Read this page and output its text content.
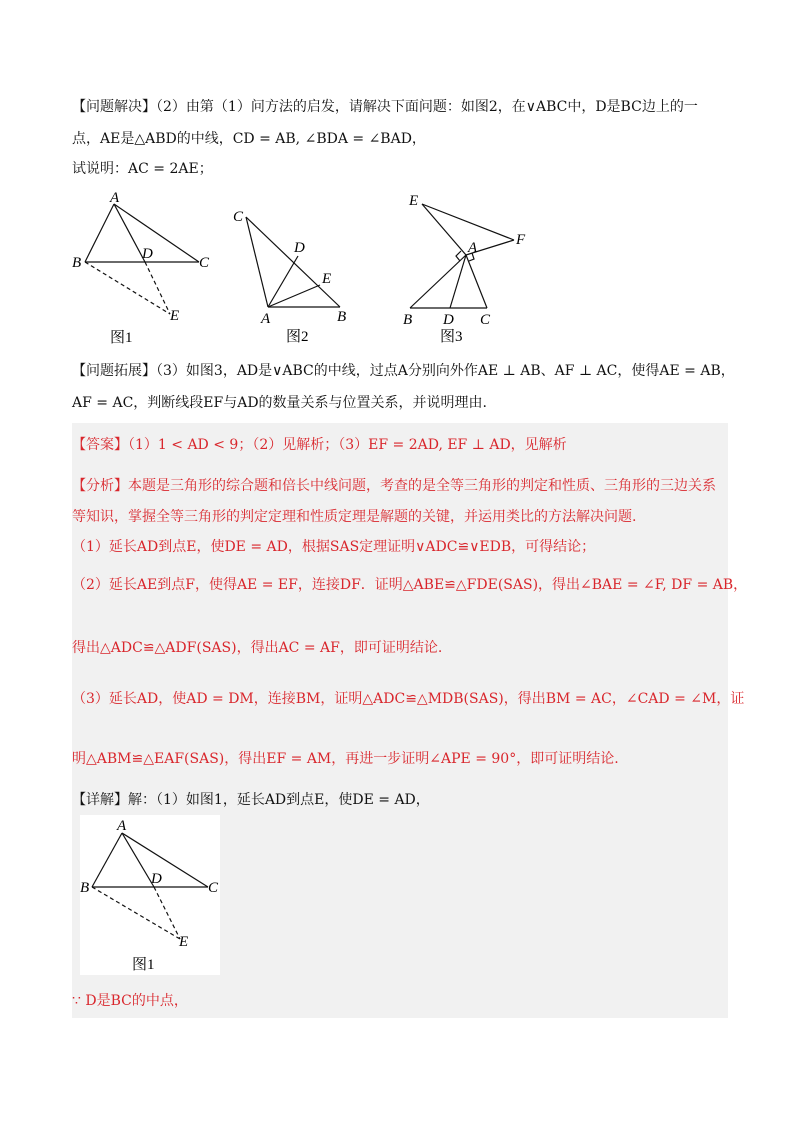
【问题解决】（2）由第（1）问方法的启发，请解决下面问题：如图2，在∨ABC中，D是BC边上的一
点，AE是△ABD的中线，CD = AB, ∠BDA = ∠BAD，
试说明：AC = 2AE；
A
B	C
D
E
图1
C
D
E
A	B
图2
E
F
A
B D C
图3
【问题拓展】（3）如图3，AD是∨ABC的中线，过点A分别向外作AE ⊥ AB、AF ⊥ AC，使得AE = AB，
AF = AC，判断线段EF与AD的数量关系与位置关系，并说明理由.
【答案】（1）1 < AD < 9；（2）见解析；（3）EF = 2AD, EF ⊥ AD，见解析
【分析】本题是三角形的综合题和倍长中线问题，考查的是全等三角形的判定和性质、三角形的三边关系
等知识，掌握全等三角形的判定定理和性质定理是解题的关键，并运用类比的方法解决问题.
（1）延长AD到点E，使DE = AD，根据SAS定理证明∨ADC≌∨EDB，可得结论；
（2）延长AE到点F，使得AE = EF，连接DF．证明△ABE≌△FDE(SAS)，得出∠BAE = ∠F, DF = AB，
得出△ADC≌△ADF(SAS)，得出AC = AF，即可证明结论.
（3）延长AD，使AD = DM，连接BM，证明△ADC≌△MDB(SAS)，得出BM = AC，∠CAD = ∠M，证
明△ABM≌△EAF(SAS)，得出EF = AM，再进一步证明∠APE = 90°，即可证明结论.
【详解】解：（1）如图1，延长AD到点E，使DE = AD，
A
B	C
D
E
图1
∵ D是BC的中点，
